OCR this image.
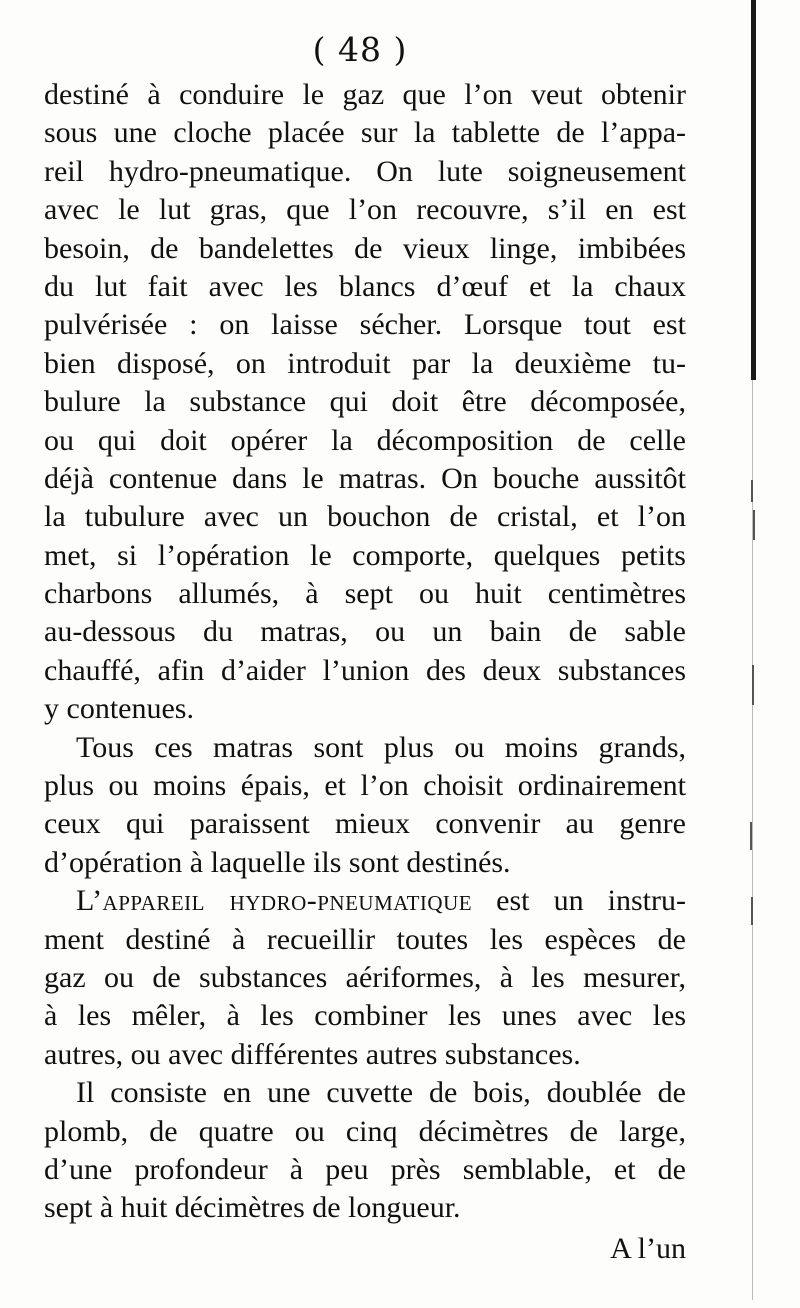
( 48 )
destiné à conduire le gaz que l’on veut obtenir
sous une cloche placée sur la tablette de l’appa-
reil hydro-pneumatique. On lute soigneusement
avec le lut gras, que l’on recouvre, s’il en est
besoin, de bandelettes de vieux linge, imbibées
du lut fait avec les blancs d’œuf et la chaux
pulvérisée : on laisse sécher. Lorsque tout est
bien disposé, on introduit par la deuxième tu-
bulure la substance qui doit être décomposée,
ou qui doit opérer la décomposition de celle
déjà contenue dans le matras. On bouche aussitôt
la tubulure avec un bouchon de cristal, et l’on
met, si l’opération le comporte, quelques petits
charbons allumés, à sept ou huit centimètres
au-dessous du matras, ou un bain de sable
chauffé, afin d’aider l’union des deux substances
y contenues.
Tous ces matras sont plus ou moins grands,
plus ou moins épais, et l’on choisit ordinairement
ceux qui paraissent mieux convenir au genre
d’opération à laquelle ils sont destinés.
L’appareil hydro-pneumatique est un instru-
ment destiné à recueillir toutes les espèces de
gaz ou de substances aériformes, à les mesurer,
à les mêler, à les combiner les unes avec les
autres, ou avec différentes autres substances.
Il consiste en une cuvette de bois, doublée de
plomb, de quatre ou cinq décimètres de large,
d’une profondeur à peu près semblable, et de
sept à huit décimètres de longueur.
A l’un
